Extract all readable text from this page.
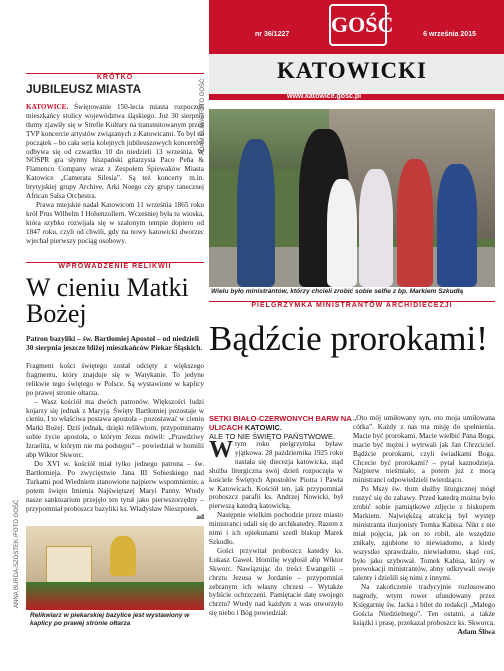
nr 36/1227 GOŚĆ	6 września 2015
KATOWICKI
www.katowice.gosc.pl
KRÓTKO
JUBILEUSZ MIASTA

KATOWICE. Świętowanie 150-lecia miasta rozpoczęli mieszkańcy stolicy województwa śląskiego. Już 30 sierpnia tłumy zjawiły się w Strefie Kultury na transmitowanym przez TVP koncercie artystów związanych z Katowicami. To był na początek – bo cała seria kolejnych jubileuszowych koncertów odbywa się od czwartku 10 do niedzieli 13 września. W NOSPR gra słynny hiszpański gitarzysta Paco Peña & Flamenco Company wraz z Zespołem Śpiewaków Miasta Katowice „Camerata Silesia”. Są też koncerty m.in. brytyjskiej grupy Archive, Arki Noego czy grupy tanecznej African Salsa Orchestra.

Prawa miejskie nadał Katowicom 11 września 1865 roku król Prus Wilhelm I Hohenzollern. Wcześniej była tu wioska, która szybko rozwijała się w szalonym tempie dopiero od 1847 roku, czyli od chwili, gdy na nowy katowicki dworzec wjechał pierwszy pociąg osobowy.

WPROWADZENIE RELIKWII
W cieniu Matki Bożej
Patron bazyliki – św. Bartłomiej Apostoł – od niedzieli 30 sierpnia jeszcze bliżej mieszkańców Piekar Śląskich.

Fragment kości świętego został odcięty z większego fragmentu, który znajduje się w Watykanie. To jedyne relikwie tego świętego w Polsce. Są wystawione w kaplicy po prawej stronie ołtarza.

– Wasz kościół ma dwóch patronów. Większości ludzi kojarzy się jednak z Maryją. Święty Bartłomiej pozostaje w cieniu. I to właściwa postawa apostoła – pozostawać w cieniu Matki Bożej. Dziś jednak, dzięki relikwiom, przypominamy sobie życie apostoła, o którym Jezus mówił: „Prawdziwy Izraelita, w którym nie ma podstępu” – powiedział w homilii abp Wiktor Skworc.

Do XVI w. kościół miał tylko jednego patrona – św. Bartłomieja. Po zwycięstwie Jana III Sobieskiego nad Turkami pod Wiedniem stanowione najpierw wspomnienie, a potem święto Imienia Najświętszej Maryi Panny. Wtedy nasze sanktuarium przejęło ten tytuł jako pierwszorzędny – przypomniał proboszcz bazyliki ks. Władysław Nieszporek.

ad

ANNA BURDA-SZOSTEK /FOTO GOŚĆ
Relikwiarz w piekarskiej bazylice jest wystawiony w kaplicy po prawej stronie ołtarza
ADAM ŚLIWA /FOTO GOŚĆ
Wielu było ministrantów, którzy chcieli zrobić sobie selfie z bp. Markiem Szkudłą
PIELGRZYMKA MINISTRANTÓW ARCHIDIECEZJI
Bądźcie prorokami!
SETKI BIAŁO-CZERWONYCH BARW NA ULICACH KATOWIC.
ALE TO NIE ŚWIĘTO PAŃSTWOWE.

Wtym roku pielgrzymka byław yjątkowa. 28 pażdziernika 1925 roku nastała się diecezja katowicka, stąd służba liturgiczna swój dzień rozpoczęła w kościele Świętych Apostołów Piotra i Pawła w Katowicach. Kościół ten, jak przypomniał proboszcz parafii ks. Andrzej Nowicki, był pierwszą katedrą katowicką.

Następnie wielkim pochodzie przez miasto ministranci udali się do archikatedry. Razem z nimi i ich opiekunami szedł biskup Marek Szkudło.

Gości przywitał proboszcz katedry ks. Łukasz Gaweł. Homilię wygłosił abp Wiktor Skworc. Nawiązując do treści Ewangelii – chrztu Jezusa w Jordanie – przypomniał zebranym ich własny chrzest – Wytakże byliście ochrzczeni. Pamiętacie datę swojego chrztu? Wtedy nad każdym z was otworzyło się niebo i Bóg powiedział:

„Oto mój umiłowany syn, oto moja umiłowana córka”. Każdy z nas ma misję do spełnienia. Macie być prorokami. Macie wielbić Pana Boga, macie być mężni i wytrwali jak Jan Chrzciciel. Bądźcie prorokami, czyli świadkami Boga. Chcecie być prorokami? – pytał kaznodzieja. Najpierw nieśmiało, a potem już z mocą ministranci odpowiedzieli twierdząco.

Po Mszy św. tłum służby liturgicznej mógł ruszyć się do zabawy. Przed katedrą można było zrobić sobie pamiątkowe zdjęcie z biskupem Markiem. Najwiękśzą atrakcją był występ ministranta iluzjonisty Tomka Kabisa. Nikt z nie miał pojęcia, jak on to robił, ale wszędzie znikały, zgubione to niewiadomo, a kiedy wszystko sprawdzało, niewiadomo, skąd coś, było jako szybował. Tomek Kabisa, który w prowokacji ministrantów, abny odkrywali swoje talenty i dzielili się nimi z innymi.

Na zakończenie tradycyjnie rozlosowano nagrody, wtym rower ufundowany przez Księgarnię św. Jacka i bilet do redakcji „Małego Gościa Niedzielnego”. Ten ostatni, a także książki i prasę, przekazał proboszcz ks. Skworca.

Adam Śliwa
